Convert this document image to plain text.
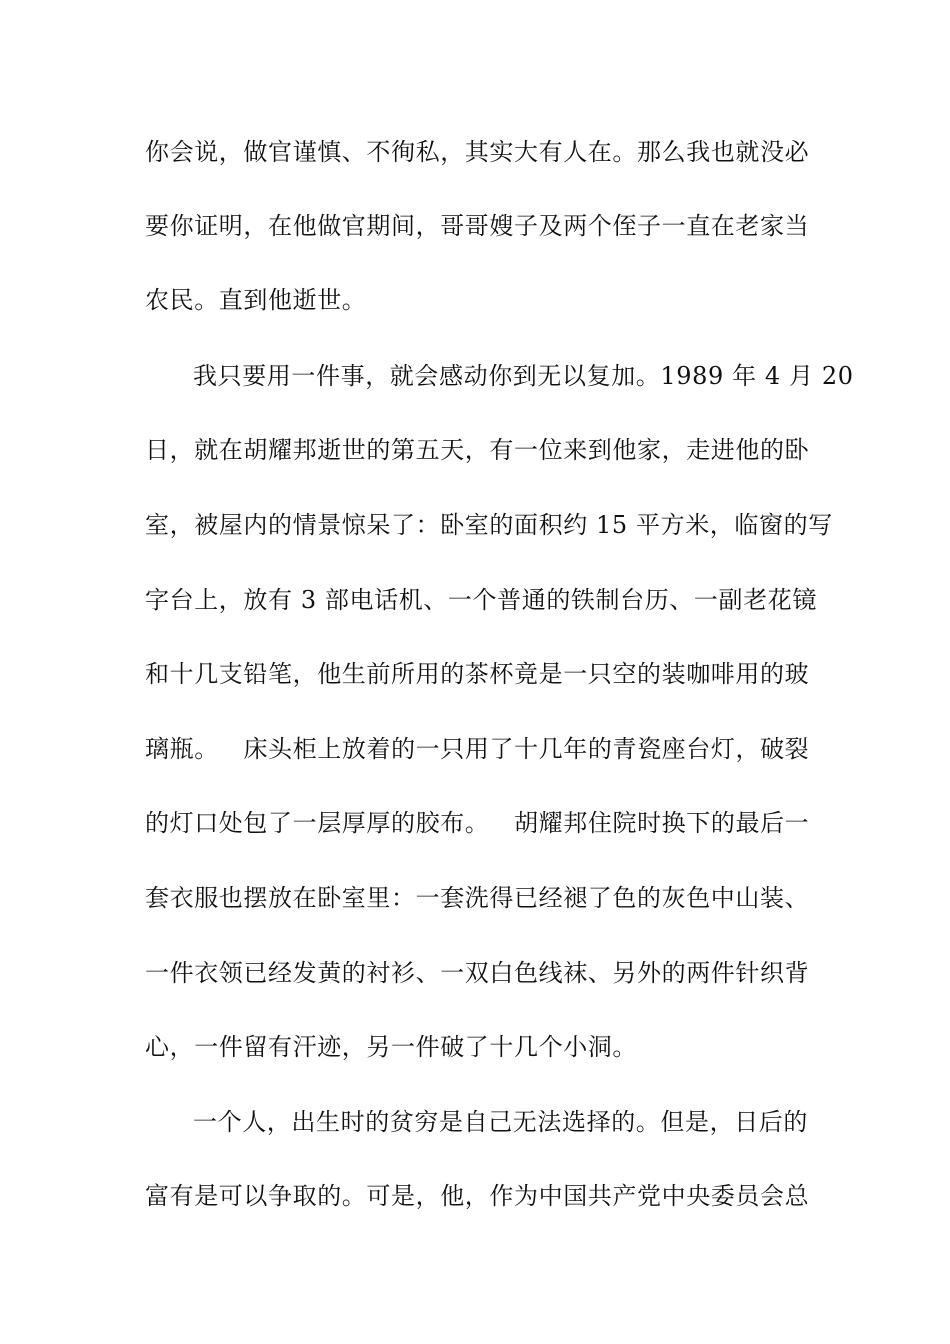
你会说，做官谨慎、不徇私，其实大有人在。那么我也就没必
要你证明，在他做官期间，哥哥嫂子及两个侄子一直在老家当
农民。直到他逝世。
我只要用一件事，就会感动你到无以复加。1989 年 4 月 20
日，就在胡耀邦逝世的第五天，有一位来到他家，走进他的卧
室，被屋内的情景惊呆了：卧室的面积约 15 平方米，临窗的写
字台上，放有 3 部电话机、一个普通的铁制台历、一副老花镜
和十几支铅笔，他生前所用的茶杯竟是一只空的装咖啡用的玻
璃瓶。   床头柜上放着的一只用了十几年的青瓷座台灯，破裂
的灯口处包了一层厚厚的胶布。   胡耀邦住院时换下的最后一
套衣服也摆放在卧室里：一套洗得已经褪了色的灰色中山装、
一件衣领已经发黄的衬衫、一双白色线袜、另外的两件针织背
心，一件留有汗迹，另一件破了十几个小洞。
一个人，出生时的贫穷是自己无法选择的。但是，日后的
富有是可以争取的。可是，他，作为中国共产党中央委员会总
